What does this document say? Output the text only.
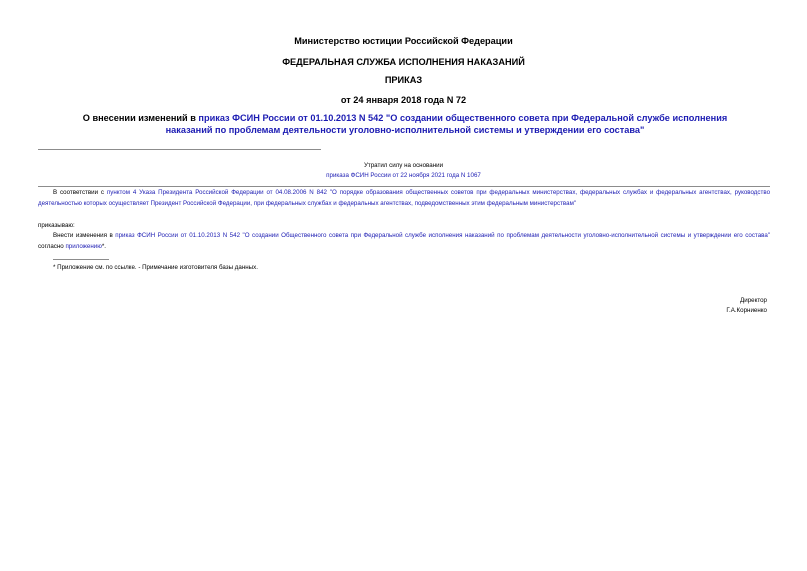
Министерство юстиции Российской Федерации
ФЕДЕРАЛЬНАЯ СЛУЖБА ИСПОЛНЕНИЯ НАКАЗАНИЙ
ПРИКАЗ
от 24 января 2018 года N 72
О внесении изменений в приказ ФСИН России от 01.10.2013 N 542 "О создании общественного совета при Федеральной службе исполнения наказаний по проблемам деятельности уголовно-исполнительной системы и утверждении его состава"
Утратил силу на основании
приказа ФСИН России от 22 ноября 2021 года N 1067
В соответствии с пунктом 4 Указа Президента Российской Федерации от 04.08.2006 N 842 "О порядке образования общественных советов при федеральных министерствах, федеральных службах и федеральных агентствах, руководство деятельностью которых осуществляет Президент Российской Федерации, при федеральных службах и федеральных агентствах, подведомственных этим федеральным министерствам"
приказываю:
Внести изменения в приказ ФСИН России от 01.10.2013 N 542 "О создании Общественного совета при Федеральной службе исполнения наказаний по проблемам деятельности уголовно-исполнительной системы и утверждении его состава" согласно приложению*.
* Приложение см. по ссылке. - Примечание изготовителя базы данных.
Директор
Г.А.Корниенко
